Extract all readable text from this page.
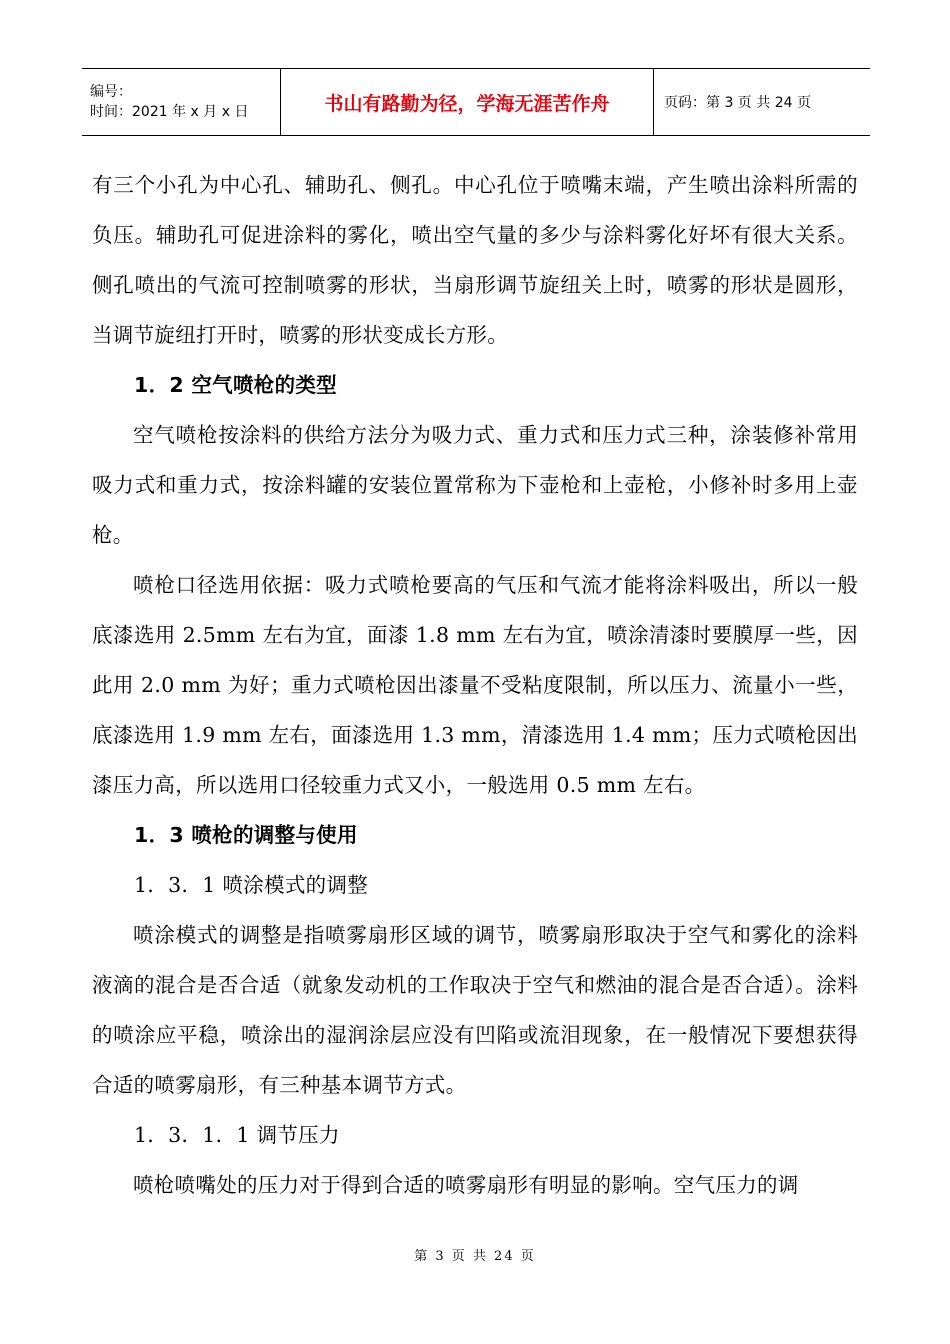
编号：
时间：2021 年 x 月 x 日	书山有路勤为径，学海无涯苦作舟	页码：第 3 页 共 24 页

有三个小孔为中心孔、辅助孔、侧孔。中心孔位于喷嘴末端，产生喷出涂料所需的负压。辅助孔可促进涂料的雾化，喷出空气量的多少与涂料雾化好坏有很大关系。侧孔喷出的气流可控制喷雾的形状，当扇形调节旋纽关上时，喷雾的形状是圆形，当调节旋纽打开时，喷雾的形状变成长方形。

1．2 空气喷枪的类型

空气喷枪按涂料的供给方法分为吸力式、重力式和压力式三种，涂装修补常用吸力式和重力式，按涂料罐的安装位置常称为下壶枪和上壶枪，小修补时多用上壶枪。

喷枪口径选用依据：吸力式喷枪要高的气压和气流才能将涂料吸出，所以一般底漆选用 2.5mm 左右为宜，面漆 1.8 mm 左右为宜，喷涂清漆时要膜厚一些，因此用 2.0 mm 为好；重力式喷枪因出漆量不受粘度限制，所以压力、流量小一些，底漆选用 1.9 mm 左右，面漆选用 1.3 mm，清漆选用 1.4 mm；压力式喷枪因出漆压力高，所以选用口径较重力式又小，一般选用 0.5 mm 左右。

1．3 喷枪的调整与使用

1．3．1 喷涂模式的调整

喷涂模式的调整是指喷雾扇形区域的调节，喷雾扇形取决于空气和雾化的涂料液滴的混合是否合适（就象发动机的工作取决于空气和燃油的混合是否合适）。涂料的喷涂应平稳，喷涂出的湿润涂层应没有凹陷或流泪现象，在一般情况下要想获得合适的喷雾扇形，有三种基本调节方式。

1．3．1．1 调节压力

喷枪喷嘴处的压力对于得到合适的喷雾扇形有明显的影响。空气压力的调

第 3 页 共 24 页
